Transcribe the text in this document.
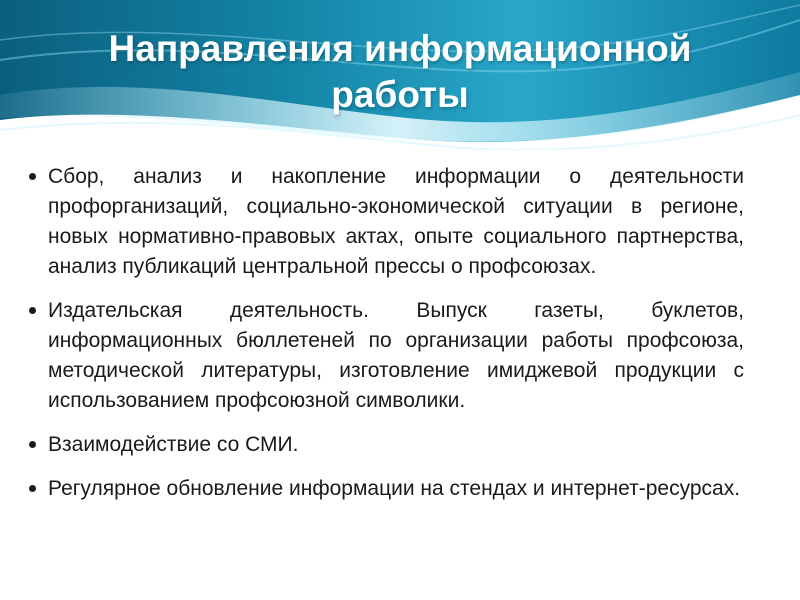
Направления информационной работы
Сбор, анализ и накопление информации о деятельности профорганизаций, социально-экономической ситуации в регионе, новых нормативно-правовых актах, опыте социального партнерства, анализ публикаций центральной прессы о профсоюзах.
Издательская деятельность. Выпуск газеты, буклетов, информационных бюллетеней по организации работы профсоюза, методической литературы, изготовление имиджевой продукции с использованием профсоюзной символики.
Взаимодействие со СМИ.
Регулярное обновление информации на стендах и интернет-ресурсах.
